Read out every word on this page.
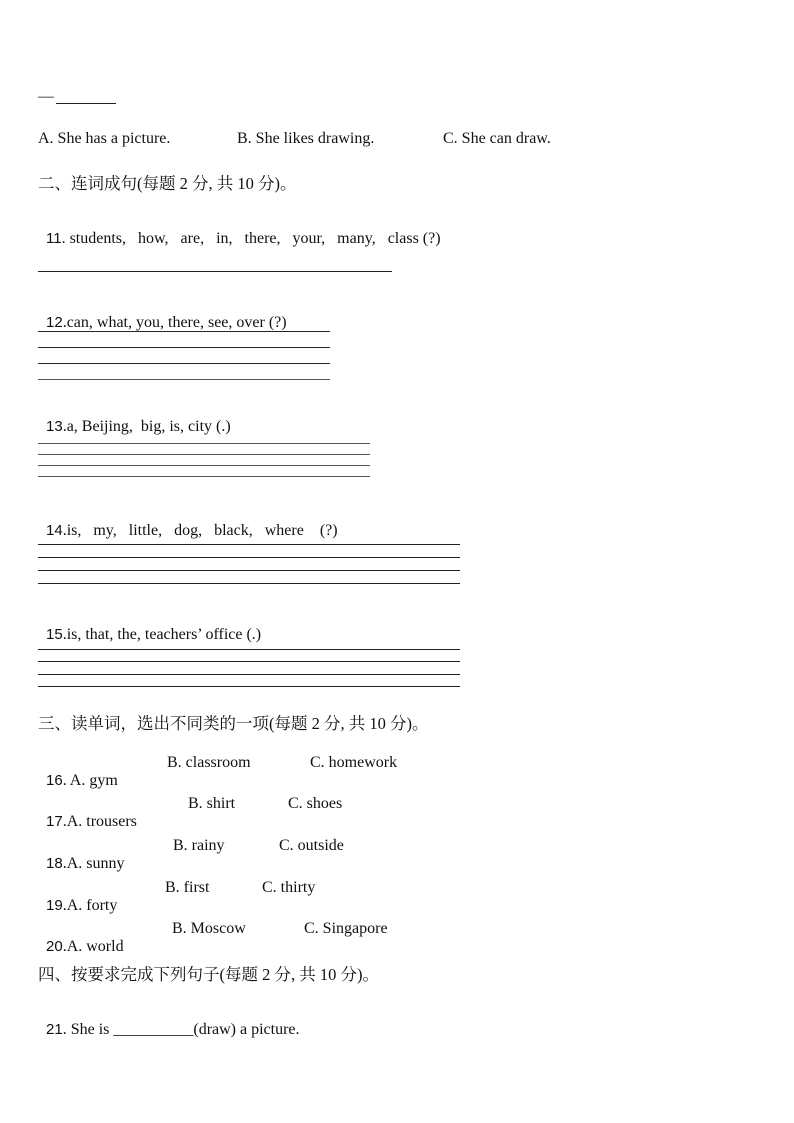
—
A. She has a picture.	B. She likes drawing.	C. She can draw.
二、连词成句(每题 2 分, 共 10 分)。

11. students,   how,   are,   in,   there,   your,   many,   class (?)

12.can, what, you, there, see, over (?)

13.a, Beijing,  big, is, city (.)

14.is,   my,   little,   dog,   black,   where    (?)

15.is, that, the, teachers’ office (.)

三、读单词，选出不同类的一项(每题 2 分, 共 10 分)。

16. A. gym

B. classroom	C. homework

17.A. trousers

B. shirt	C. shoes

18.A. sunny

B. rainy	C. outside

19.A. forty

B. first	C. thirty

20.A. world

B. Moscow	C. Singapore
四、按要求完成下列句子(每题 2 分, 共 10 分)。

21. She is __________(draw) a picture.
